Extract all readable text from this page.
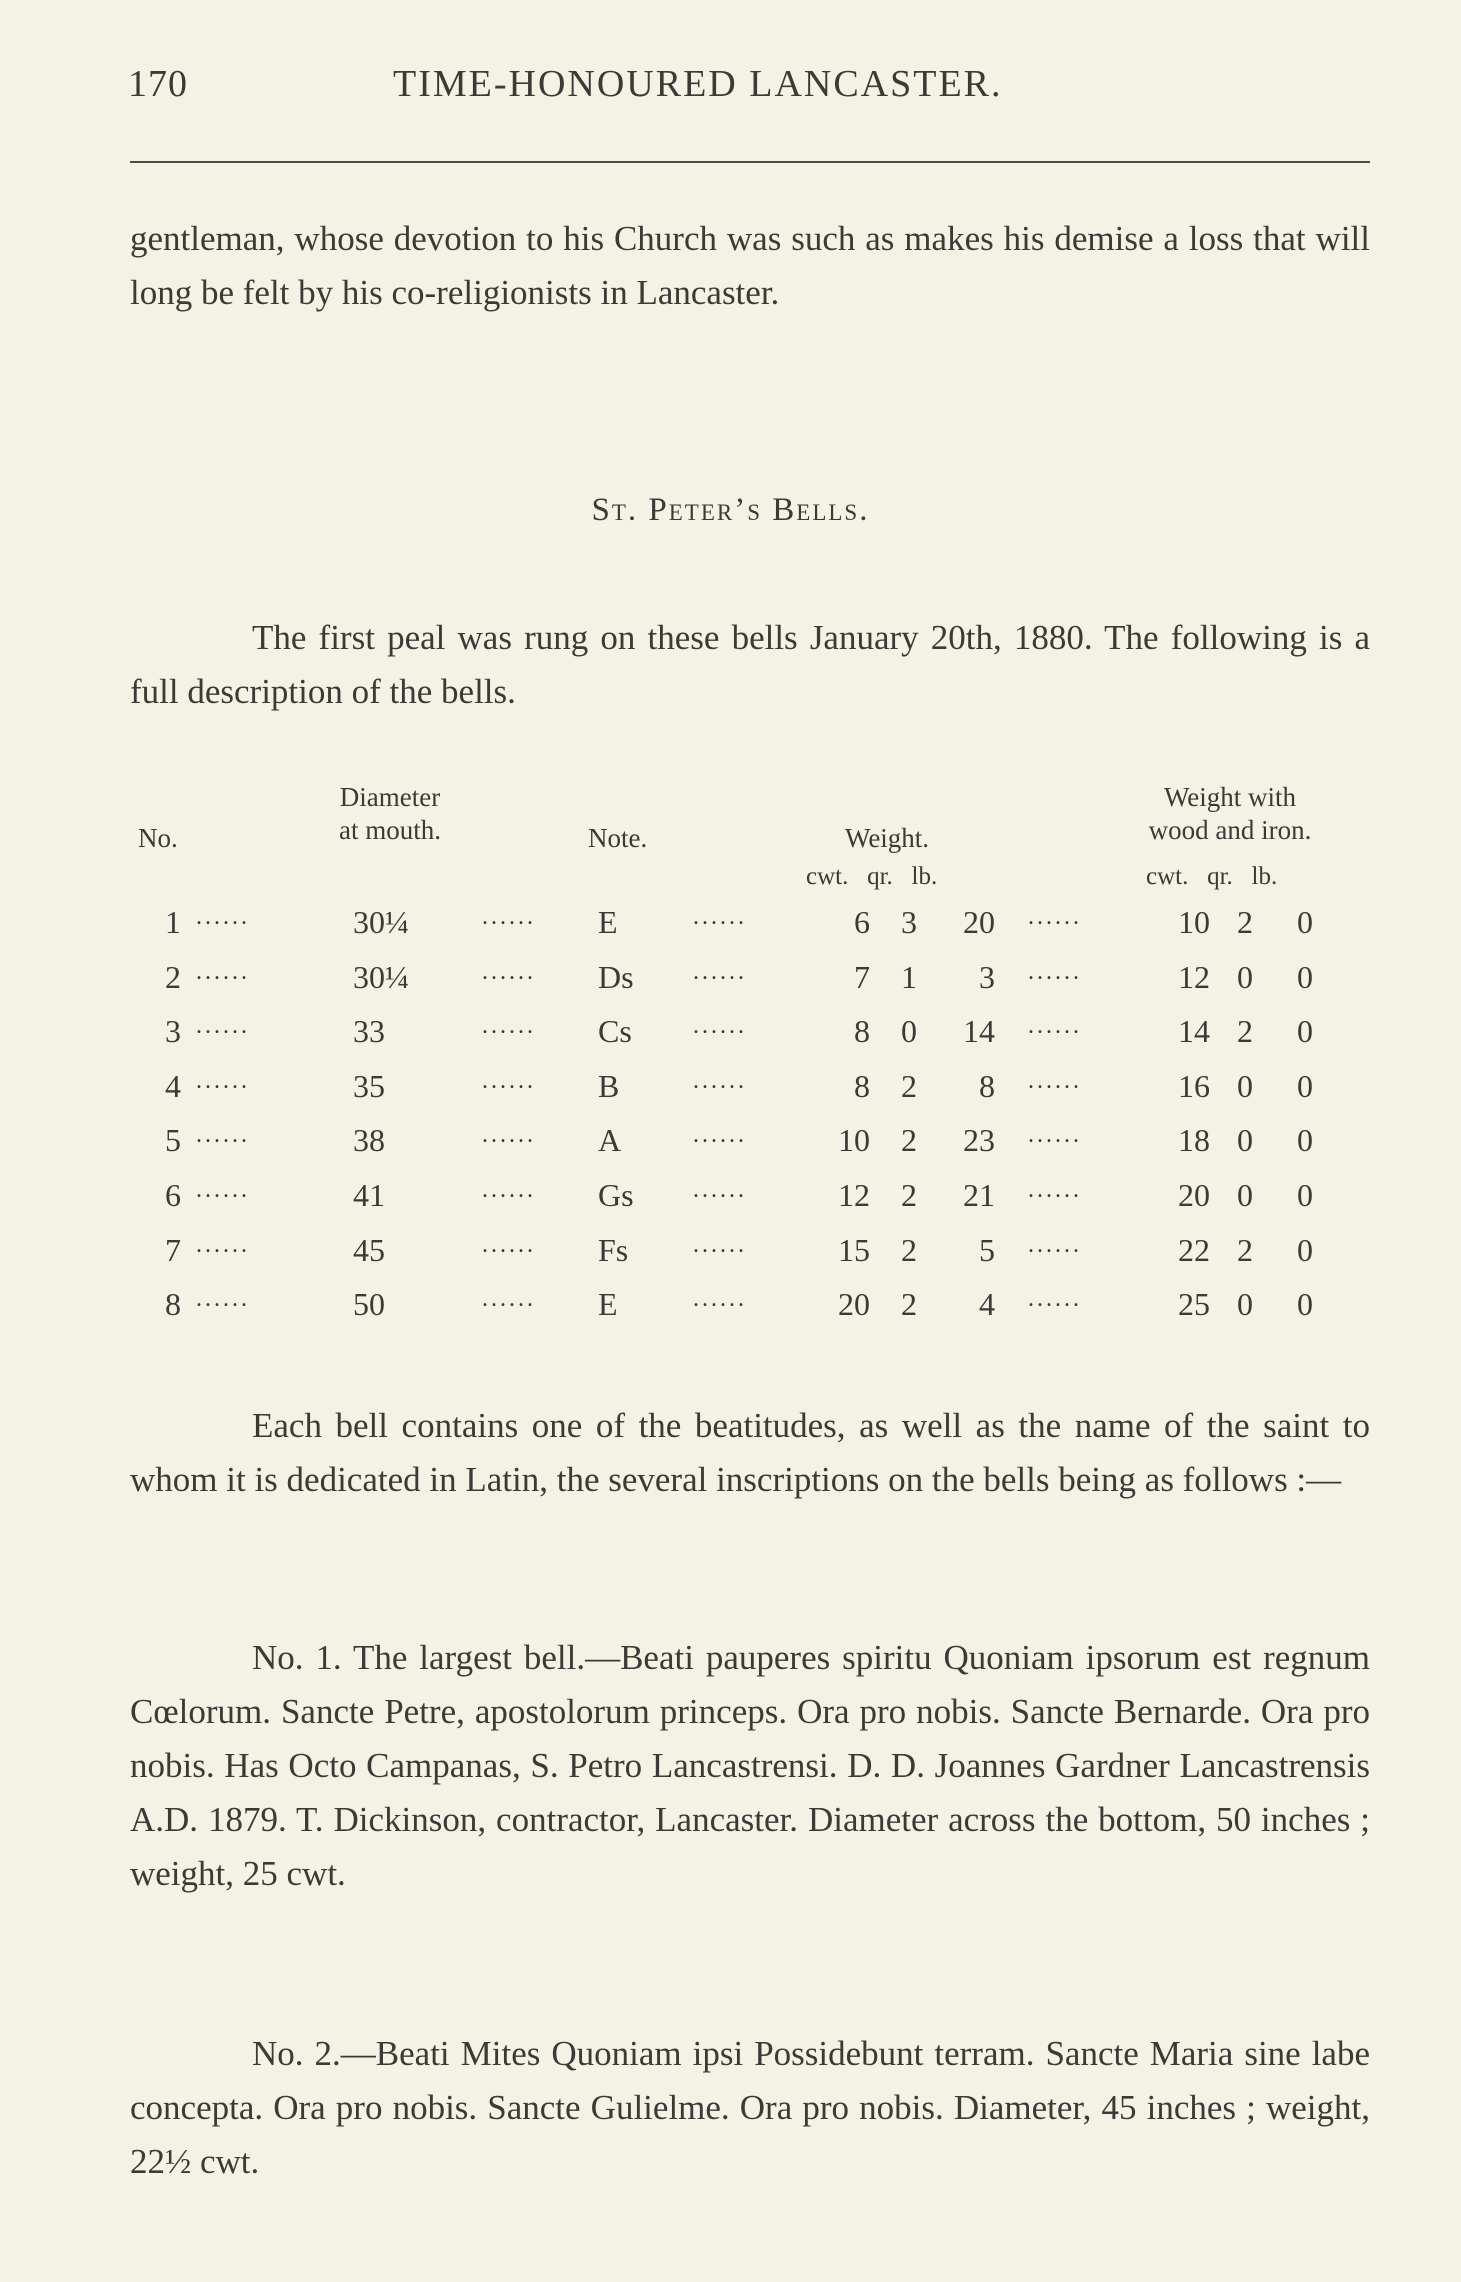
170	TIME-HONOURED LANCASTER.

gentleman, whose devotion to his Church was such as makes his demise a loss that will long be felt by his co-religionists in Lancaster.

St. Peter’s Bells.

The first peal was rung on these bells January 20th, 1880. The following is a full description of the bells.

No.
Diameter
at mouth.	Note.	Weight.
cwt.   qr.   lb.
Weight with
wood and iron.
cwt.   qr.   lb.
1 ......	30¼	...... E	......	6 3	20 ......	10 2 0
2 ......	30¼	...... Ds ......	7 1	3 ......	12 0 0
3 ......	33	...... Cs	......	8 0	14 ......	14 2 0
4 ......	35	...... B	......	8 2	8 ......	16 0 0
5 ......	38	...... A	......	10 2	23 ......	18 0 0
6 ......	41	...... Gs ......	12 2	21 ......	20 0 0
7 ......	45	...... Fs	......	15 2	5 ......	22 2 0
8 ......	50	...... E	......	20 2	4 ......	25 0 0

Each bell contains one of the beatitudes, as well as the name of the saint to whom it is dedicated in Latin, the several inscriptions on the bells being as follows :—

No. 1. The largest bell.—Beati pauperes spiritu Quoniam ipsorum est regnum Cœlorum. Sancte Petre, apostolorum princeps. Ora pro nobis. Sancte Bernarde. Ora pro nobis. Has Octo Campanas, S. Petro Lancastrensi. D. D. Joannes Gardner Lancastrensis A.D. 1879. T. Dickinson, contractor, Lancaster. Diameter across the bottom, 50 inches ; weight, 25 cwt.

No. 2.—Beati Mites Quoniam ipsi Possidebunt terram. Sancte Maria sine labe concepta. Ora pro nobis. Sancte Gulielme. Ora pro nobis. Diameter, 45 inches ; weight, 22½ cwt.
